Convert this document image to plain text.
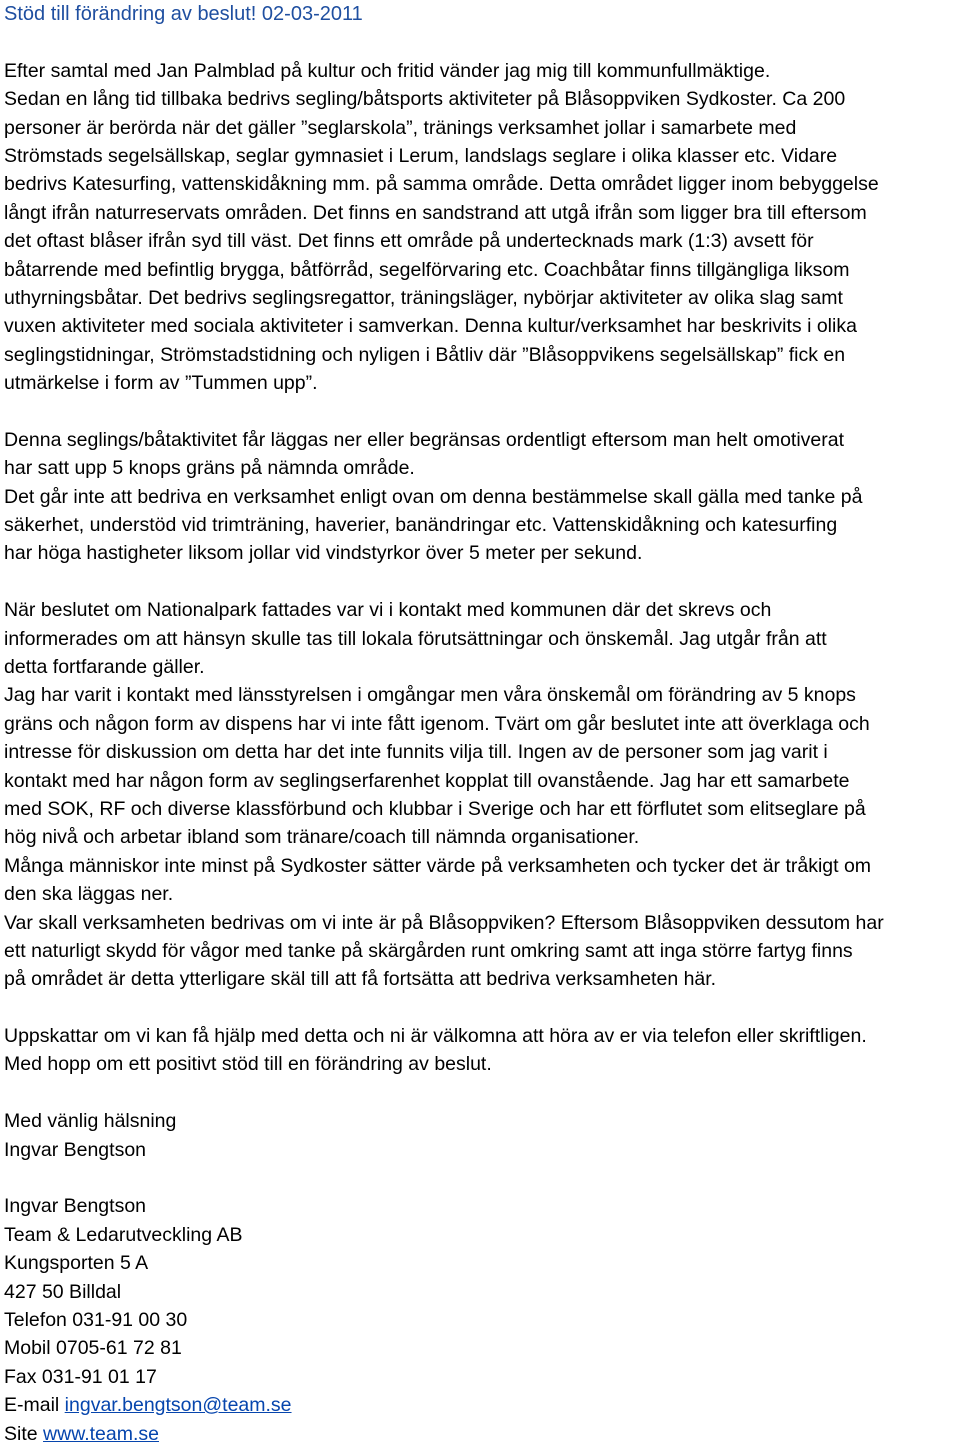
Stöd till förändring av beslut! 02-03-2011
Efter samtal med Jan Palmblad på kultur och fritid vänder jag mig till kommunfullmäktige.
Sedan en lång tid tillbaka bedrivs segling/båtsports aktiviteter på Blåsoppviken Sydkoster. Ca 200
personer är berörda när det gäller ”seglarskola”, tränings verksamhet jollar i samarbete med
Strömstads segelsällskap, seglar gymnasiet i Lerum, landslags seglare i olika klasser etc. Vidare
bedrivs Katesurfing, vattenskidåkning mm. på samma område. Detta området ligger inom bebyggelse
långt ifrån naturreservats områden. Det finns en sandstrand att utgå ifrån som ligger bra till eftersom
det oftast blåser ifrån syd till väst. Det finns ett område på undertecknads mark (1:3) avsett för
båtarrende med befintlig brygga, båtförråd, segelförvaring etc. Coachbåtar finns tillgängliga liksom
uthyrningsbåtar. Det bedrivs seglingsregattor, träningsläger, nybörjar aktiviteter av olika slag samt
vuxen aktiviteter med sociala aktiviteter i samverkan. Denna kultur/verksamhet har beskrivits i olika
seglingstidningar, Strömstadstidning och nyligen i Båtliv där ”Blåsoppvikens segelsällskap” fick en
utmärkelse i form av ”Tummen upp”.
Denna seglings/båtaktivitet får läggas ner eller begränsas ordentligt eftersom man helt omotiverat
har satt upp 5 knops gräns på nämnda område.
Det går inte att bedriva en verksamhet enligt ovan om denna bestämmelse skall gälla med tanke på
säkerhet, understöd vid trimträning, haverier, banändringar etc. Vattenskidåkning och katesurfing
har höga hastigheter liksom jollar vid vindstyrkor över 5 meter per sekund.
När beslutet om Nationalpark fattades var vi i kontakt med kommunen där det skrevs och
informerades om att hänsyn skulle tas till lokala förutsättningar och önskemål. Jag utgår från att
detta fortfarande gäller.
Jag har varit i kontakt med länsstyrelsen i omgångar men våra önskemål om förändring av 5 knops
gräns och någon form av dispens har vi inte fått igenom. Tvärt om går beslutet inte att överklaga och
intresse för diskussion om detta har det inte funnits vilja till. Ingen av de personer som jag varit i
kontakt med har någon form av seglingserfarenhet kopplat till ovanstående. Jag har ett samarbete
med SOK, RF och diverse klassförbund och klubbar i Sverige och har ett förflutet som elitseglare på
hög nivå och arbetar ibland som tränare/coach till nämnda organisationer.
Många människor inte minst på Sydkoster sätter värde på verksamheten och tycker det är tråkigt om
den ska läggas ner.
Var skall verksamheten bedrivas om vi inte är på Blåsoppviken? Eftersom Blåsoppviken dessutom har
ett naturligt skydd för vågor med tanke på skärgården runt omkring samt att inga större fartyg finns
på området är detta ytterligare skäl till att få fortsätta att bedriva verksamheten här.
Uppskattar om vi kan få hjälp med detta och ni är välkomna att höra av er via telefon eller skriftligen.
Med hopp om ett positivt stöd till en förändring av beslut.
Med vänlig hälsning
Ingvar Bengtson
Ingvar Bengtson
Team & Ledarutveckling AB
Kungsporten 5 A
427 50 Billdal
Telefon 031-91 00 30
Mobil 0705-61 72 81
Fax 031-91 01 17
E-mail ingvar.bengtson@team.se
Site www.team.se
